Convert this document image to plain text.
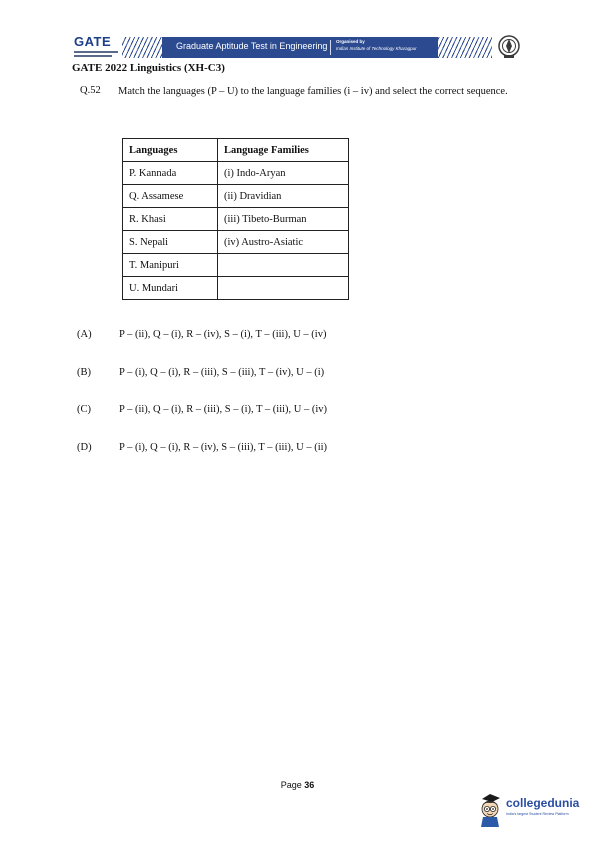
GATE	Graduate Aptitude Test in Engineering Organised by
Indian Institute of Technology Kharagpur
GATE 2022 Linguistics (XH-C3)
Q.52 Match the languages (P – U) to the language families (i – iv) and select the correct sequence.
Languages	Language Families
P. Kannada	(i) Indo-Aryan
Q. Assamese	(ii) Dravidian
R. Khasi	(iii) Tibeto-Burman
S. Nepali	(iv) Austro-Asiatic
T. Manipuri	
U. Mundari	
(A)	P – (ii), Q – (i), R – (iv), S – (i), T – (iii), U – (iv)
(B)	P – (i), Q – (i), R – (iii), S – (iii), T – (iv), U – (i)
(C)	P – (ii), Q – (i), R – (iii), S – (i), T – (iii), U – (iv)
(D)	P – (i), Q – (i), R – (iv), S – (iii), T – (iii), U – (ii)
Page 36
collegedunia
India's largest Student Review Platform
